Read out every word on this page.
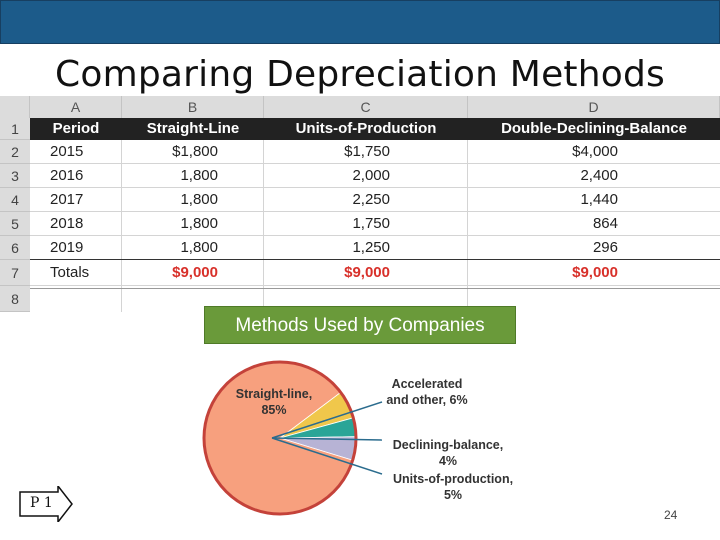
Comparing Depreciation Methods
A	B	C	D
1
2
3
4
5
6
7
8
Period	Straight-Line	Units-of-Production	Double-Declining-Balance
2015	$1,800	$1,750	$4,000
2016	1,800	2,000	2,400
2017	1,800	2,250	1,440
2018	1,800	1,750	864
2019	1,800	1,250	296
Totals	$9,000	$9,000	$9,000
Methods Used by Companies
Straight-line, 85%
Accelerated and other, 6%
Declining-balance, 4%
Units-of-production, 5%
P 1
24
